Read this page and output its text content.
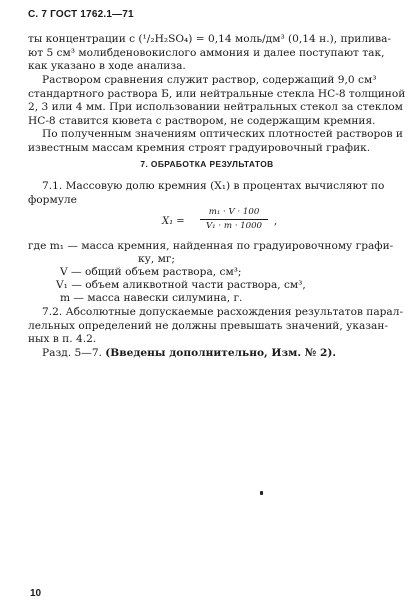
С. 7 ГОСТ 1762.1—71
ты концентрации с (¹/₂H₂SO₄) = 0,14 моль/дм³ (0,14 н.), прилива-
ют 5 см³ молибденовокислого аммония и далее поступают так,
как указано в ходе анализа.
Раствором сравнения служит раствор, содержащий 9,0 см³
стандартного раствора Б, или нейтральные стекла НС-8 толщиной
2, 3 или 4 мм. При использовании нейтральных стекол за стеклом
НС-8 ставится кювета с раствором, не содержащим кремния.
По полученным значениям оптических плотностей растворов и
известным массам кремния строят градуировочный график.
7. ОБРАБОТКА РЕЗУЛЬТАТОВ
7.1. Массовую долю кремния (X₁) в процентах вычисляют по
формуле
X₁ =
m₁ · V · 100
V₁ · m · 1000	,
где m₁ — масса кремния, найденная по градуировочному графи-
ку, мг;
V — общий объем раствора, см³;
V₁ — объем аликвотной части раствора, см³,
m — масса навески силумина, г.
7.2. Абсолютные допускаемые расхождения результатов парал-
лельных определений не должны превышать значений, указан-
ных в п. 4.2.
Разд. 5—7. (Введены дополнительно, Изм. № 2).
10
